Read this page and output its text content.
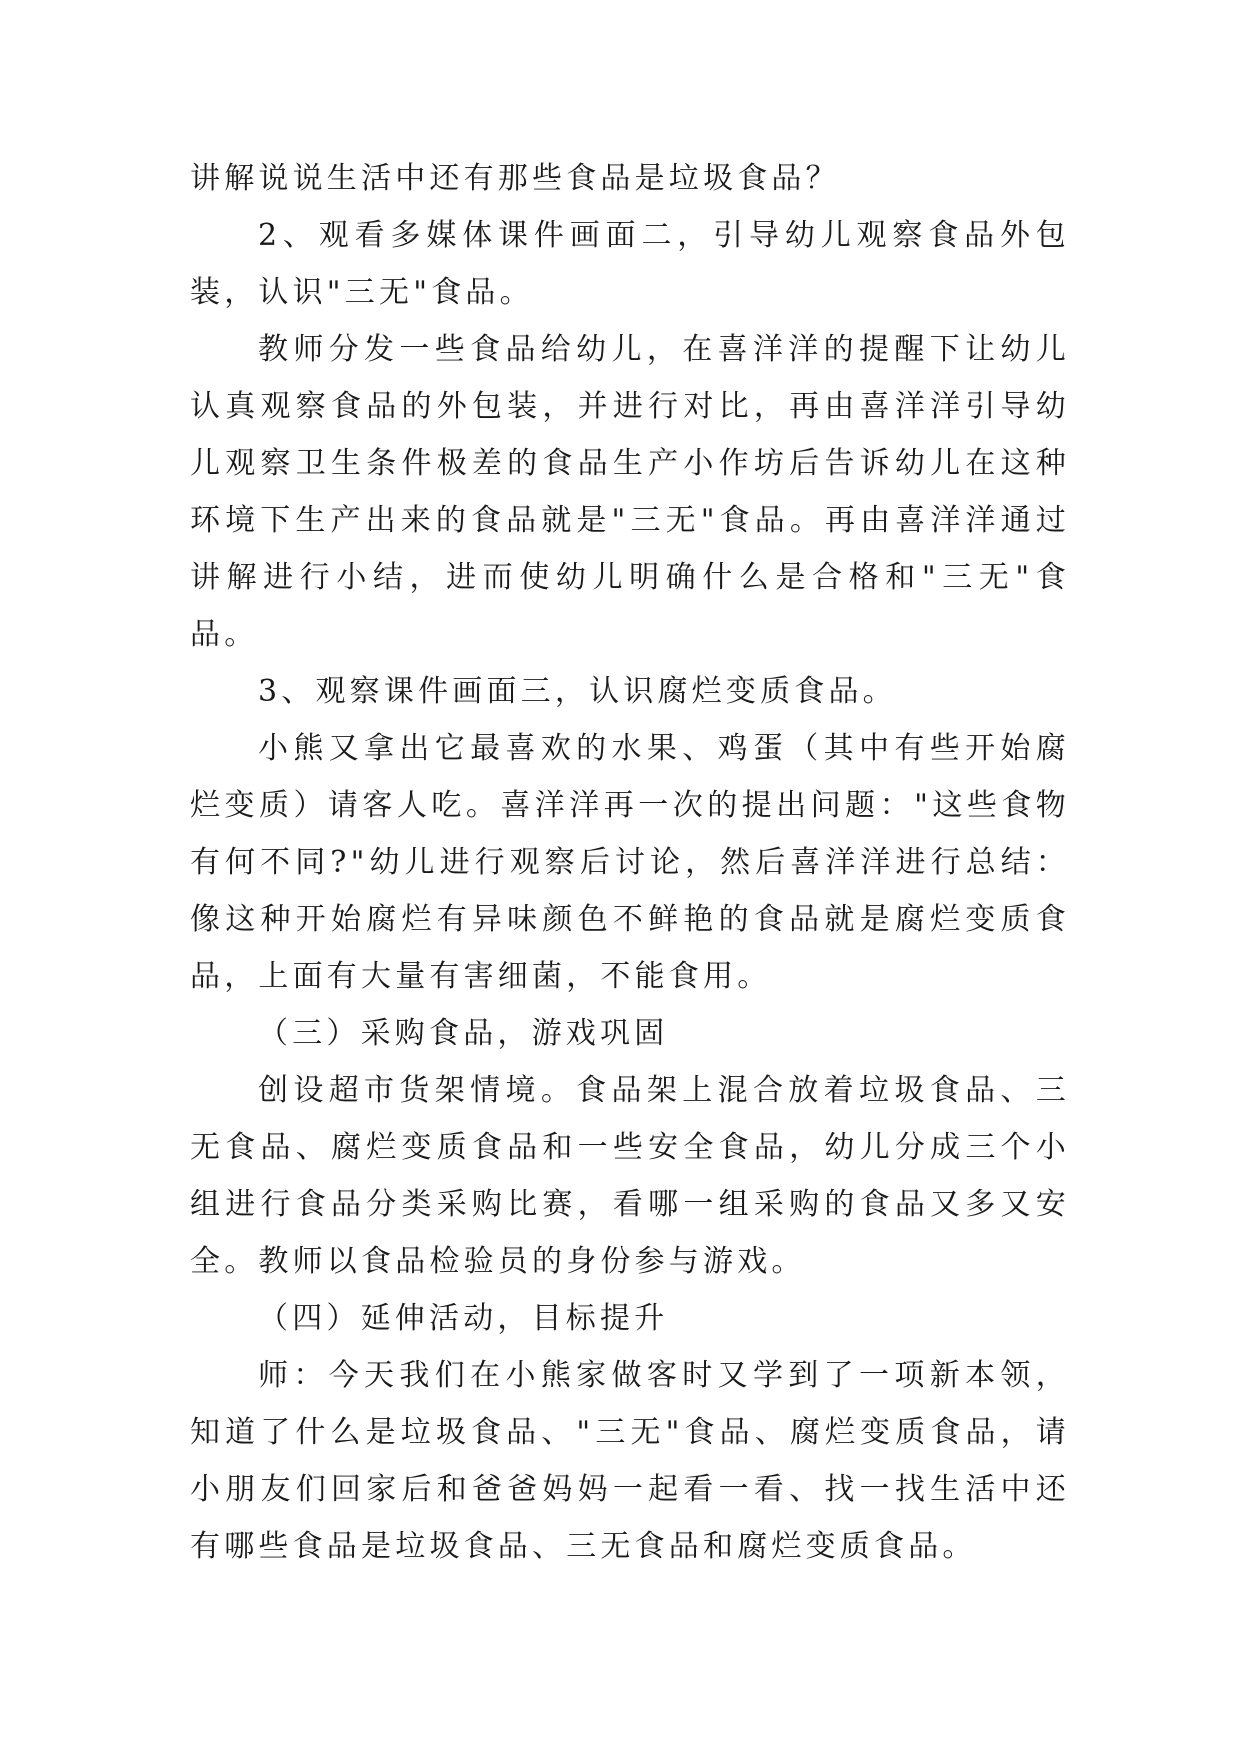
讲解说说生活中还有那些食品是垃圾食品？

2、观看多媒体课件画面二，引导幼儿观察食品外包装，认识"三无"食品。

教师分发一些食品给幼儿，在喜洋洋的提醒下让幼儿认真观察食品的外包装，并进行对比，再由喜洋洋引导幼儿观察卫生条件极差的食品生产小作坊后告诉幼儿在这种环境下生产出来的食品就是"三无"食品。再由喜洋洋通过讲解进行小结，进而使幼儿明确什么是合格和"三无"食品。

3、观察课件画面三，认识腐烂变质食品。

小熊又拿出它最喜欢的水果、鸡蛋（其中有些开始腐烂变质）请客人吃。喜洋洋再一次的提出问题："这些食物有何不同?"幼儿进行观察后讨论，然后喜洋洋进行总结：像这种开始腐烂有异味颜色不鲜艳的食品就是腐烂变质食品，上面有大量有害细菌，不能食用。

（三）采购食品，游戏巩固

创设超市货架情境。食品架上混合放着垃圾食品、三无食品、腐烂变质食品和一些安全食品，幼儿分成三个小组进行食品分类采购比赛，看哪一组采购的食品又多又安全。教师以食品检验员的身份参与游戏。

（四）延伸活动，目标提升

师：今天我们在小熊家做客时又学到了一项新本领，知道了什么是垃圾食品、"三无"食品、腐烂变质食品，请小朋友们回家后和爸爸妈妈一起看一看、找一找生活中还有哪些食品是垃圾食品、三无食品和腐烂变质食品。
